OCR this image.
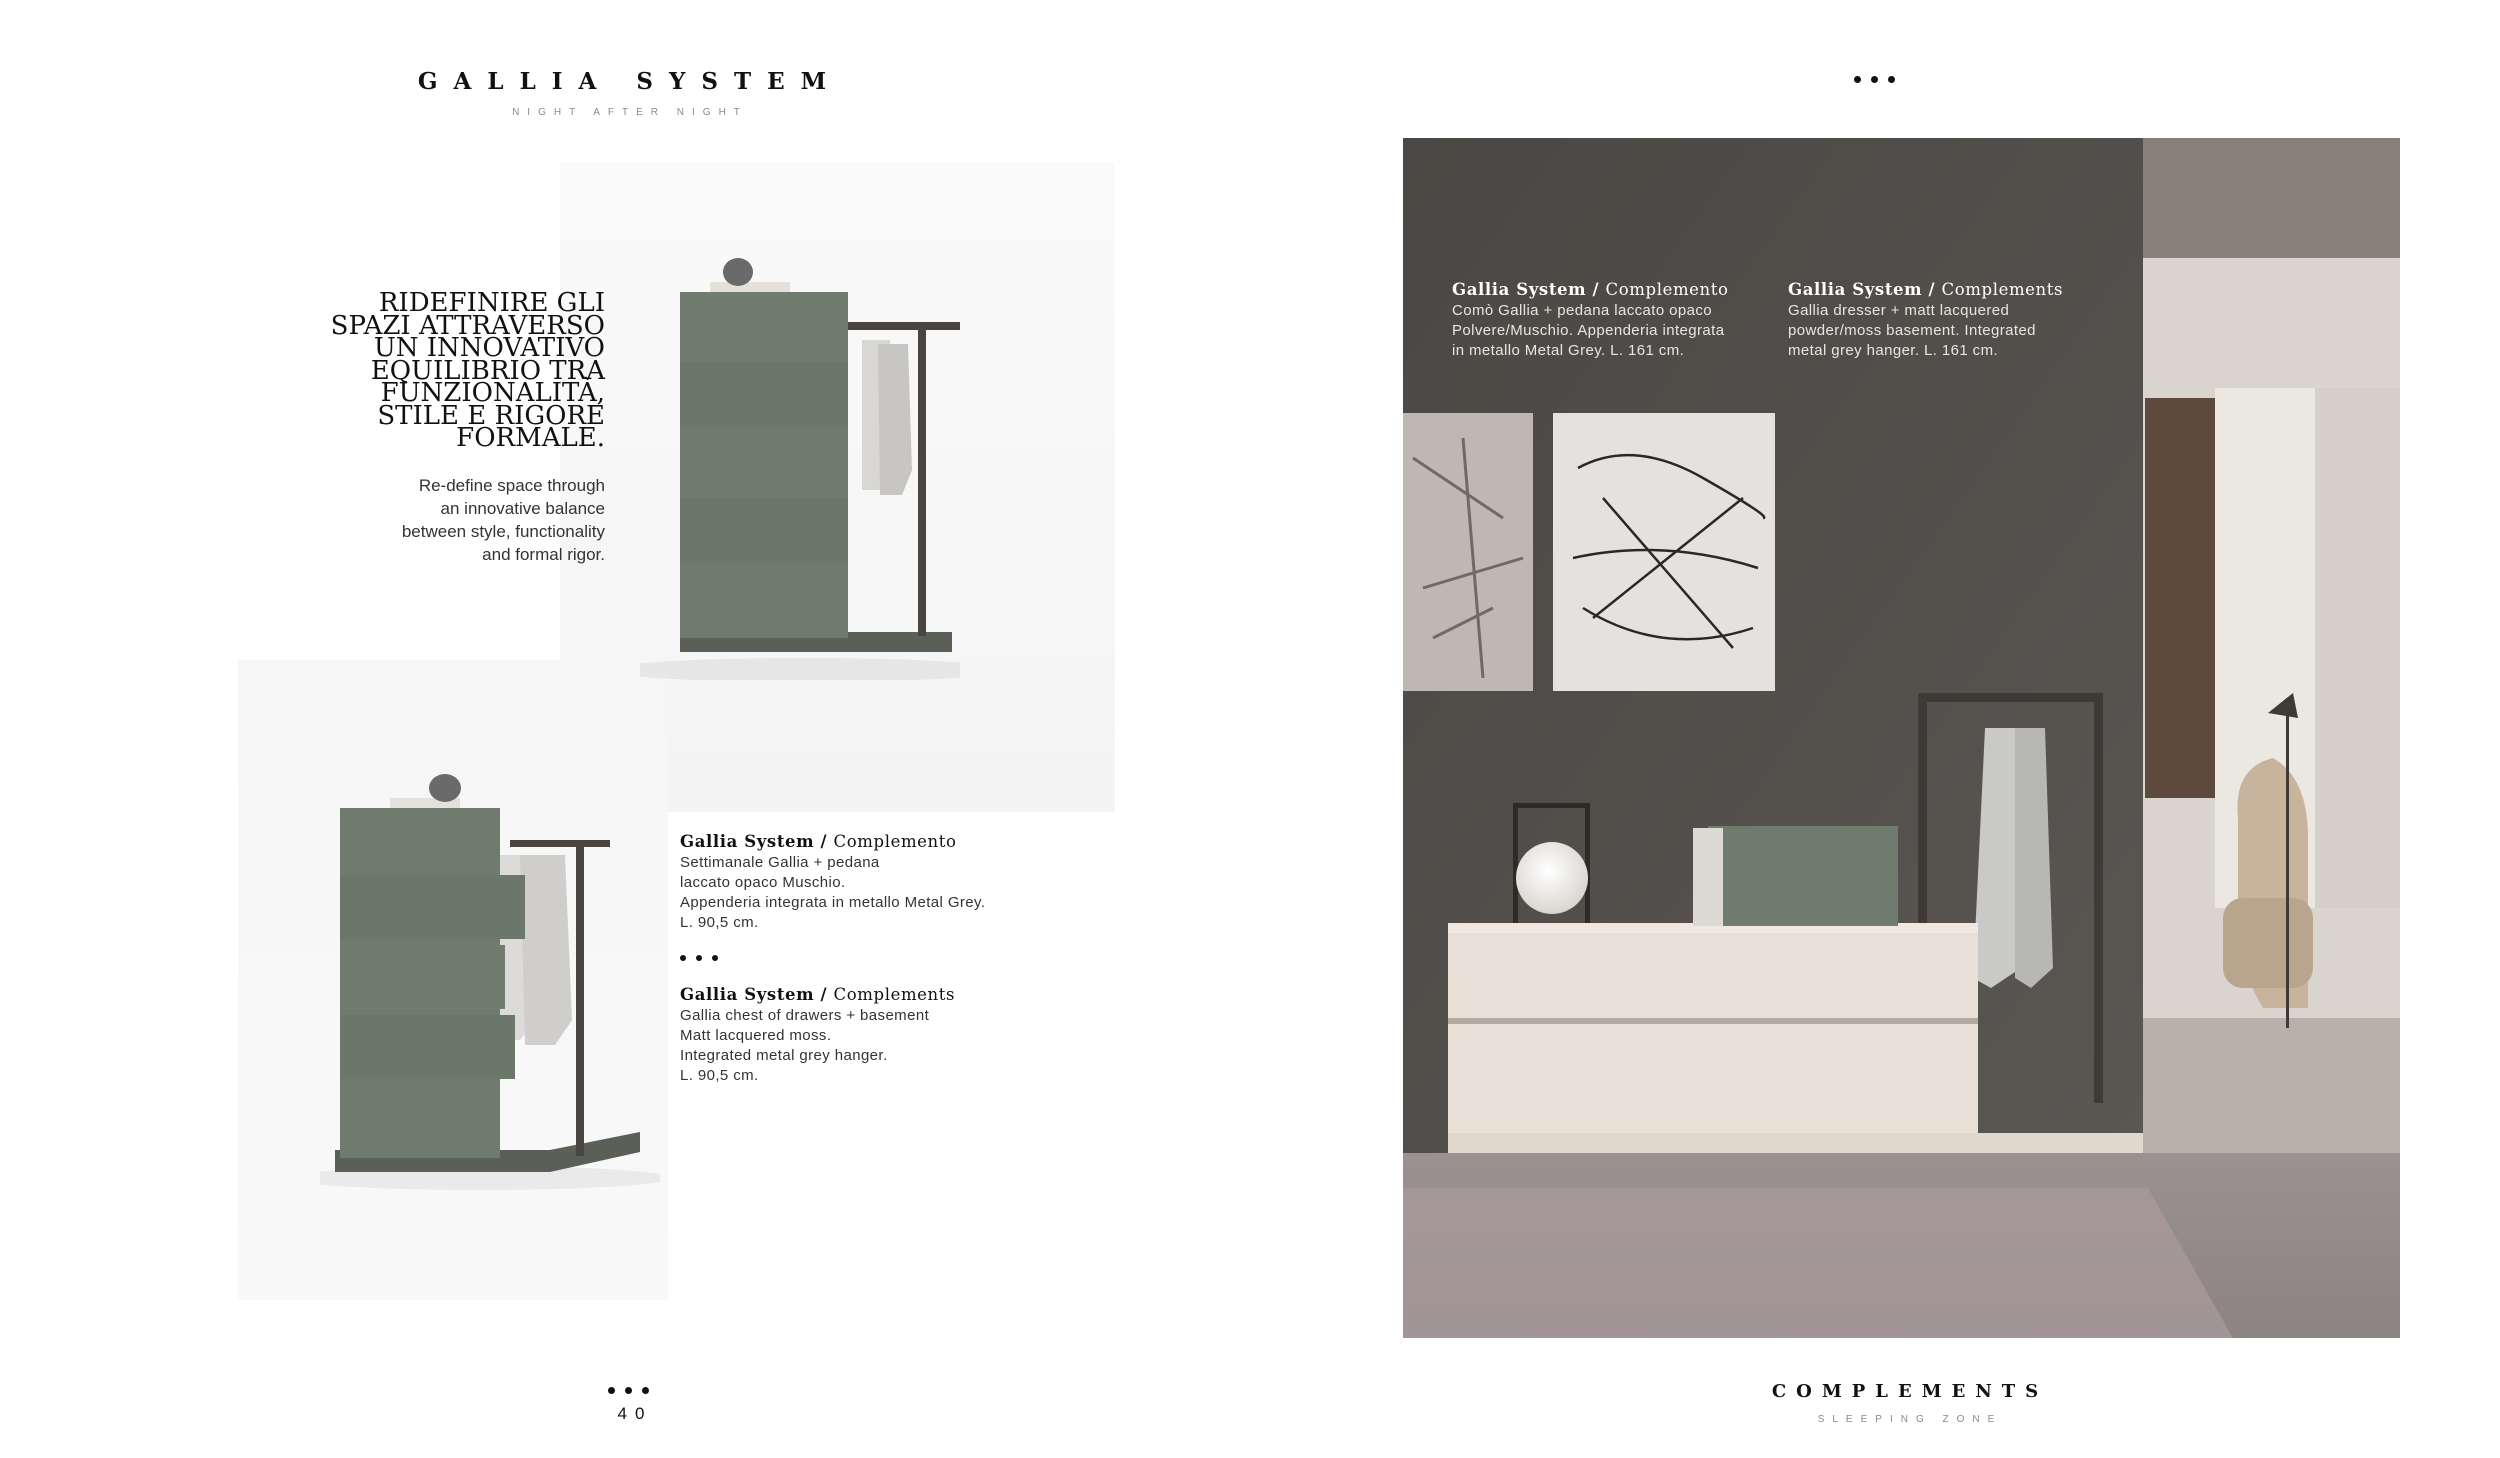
GALLIA SYSTEM
NIGHT AFTER NIGHT
RIDEFINIRE GLI
SPAZI ATTRAVERSO
UN INNOVATIVO
EQUILIBRIO TRA
FUNZIONALITÀ,
STILE E RIGORE
FORMALE.
Re-define space through
an innovative balance
between style, functionality
and formal rigor.
Gallia System / Complemento
Settimanale Gallia + pedana
laccato opaco Muschio.
Appenderia integrata in metallo Metal Grey.
L. 90,5 cm.
Gallia System / Complements
Gallia chest of drawers + basement
Matt lacquered moss.
Integrated metal grey hanger.
L. 90,5 cm.
Gallia System / Complemento
Comò Gallia + pedana laccato opaco
Polvere/Muschio. Appenderia integrata
in metallo Metal Grey. L. 161 cm.
Gallia System / Complements
Gallia dresser + matt lacquered
powder/moss basement. Integrated
metal grey hanger. L. 161 cm.
40
COMPLEMENTS
SLEEPING ZONE
